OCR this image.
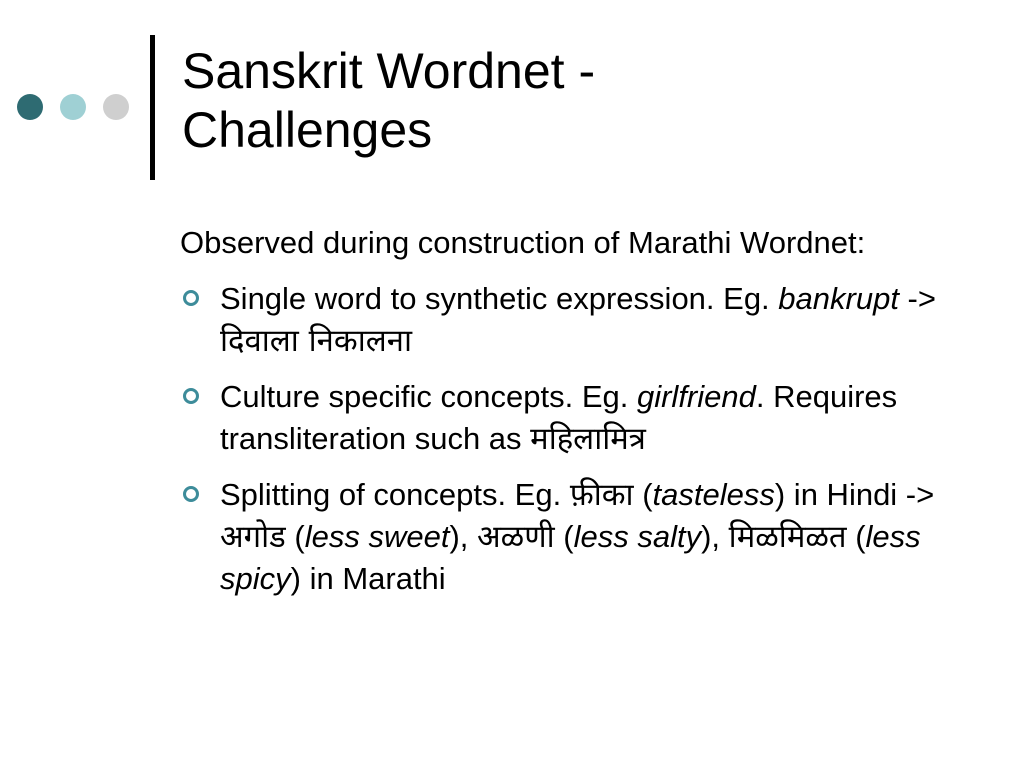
Sanskrit Wordnet -
Challenges

Observed during construction of Marathi Wordnet:

Single word to synthetic expression. Eg. bankrupt -> दिवाला निकालना
Culture specific concepts. Eg. girlfriend. Requires transliteration such as महिलामित्र
Splitting of concepts. Eg. फ़ीका (tasteless) in Hindi -> अगोड (less sweet), अळणी (less salty), मिळमिळत (less spicy) in Marathi
